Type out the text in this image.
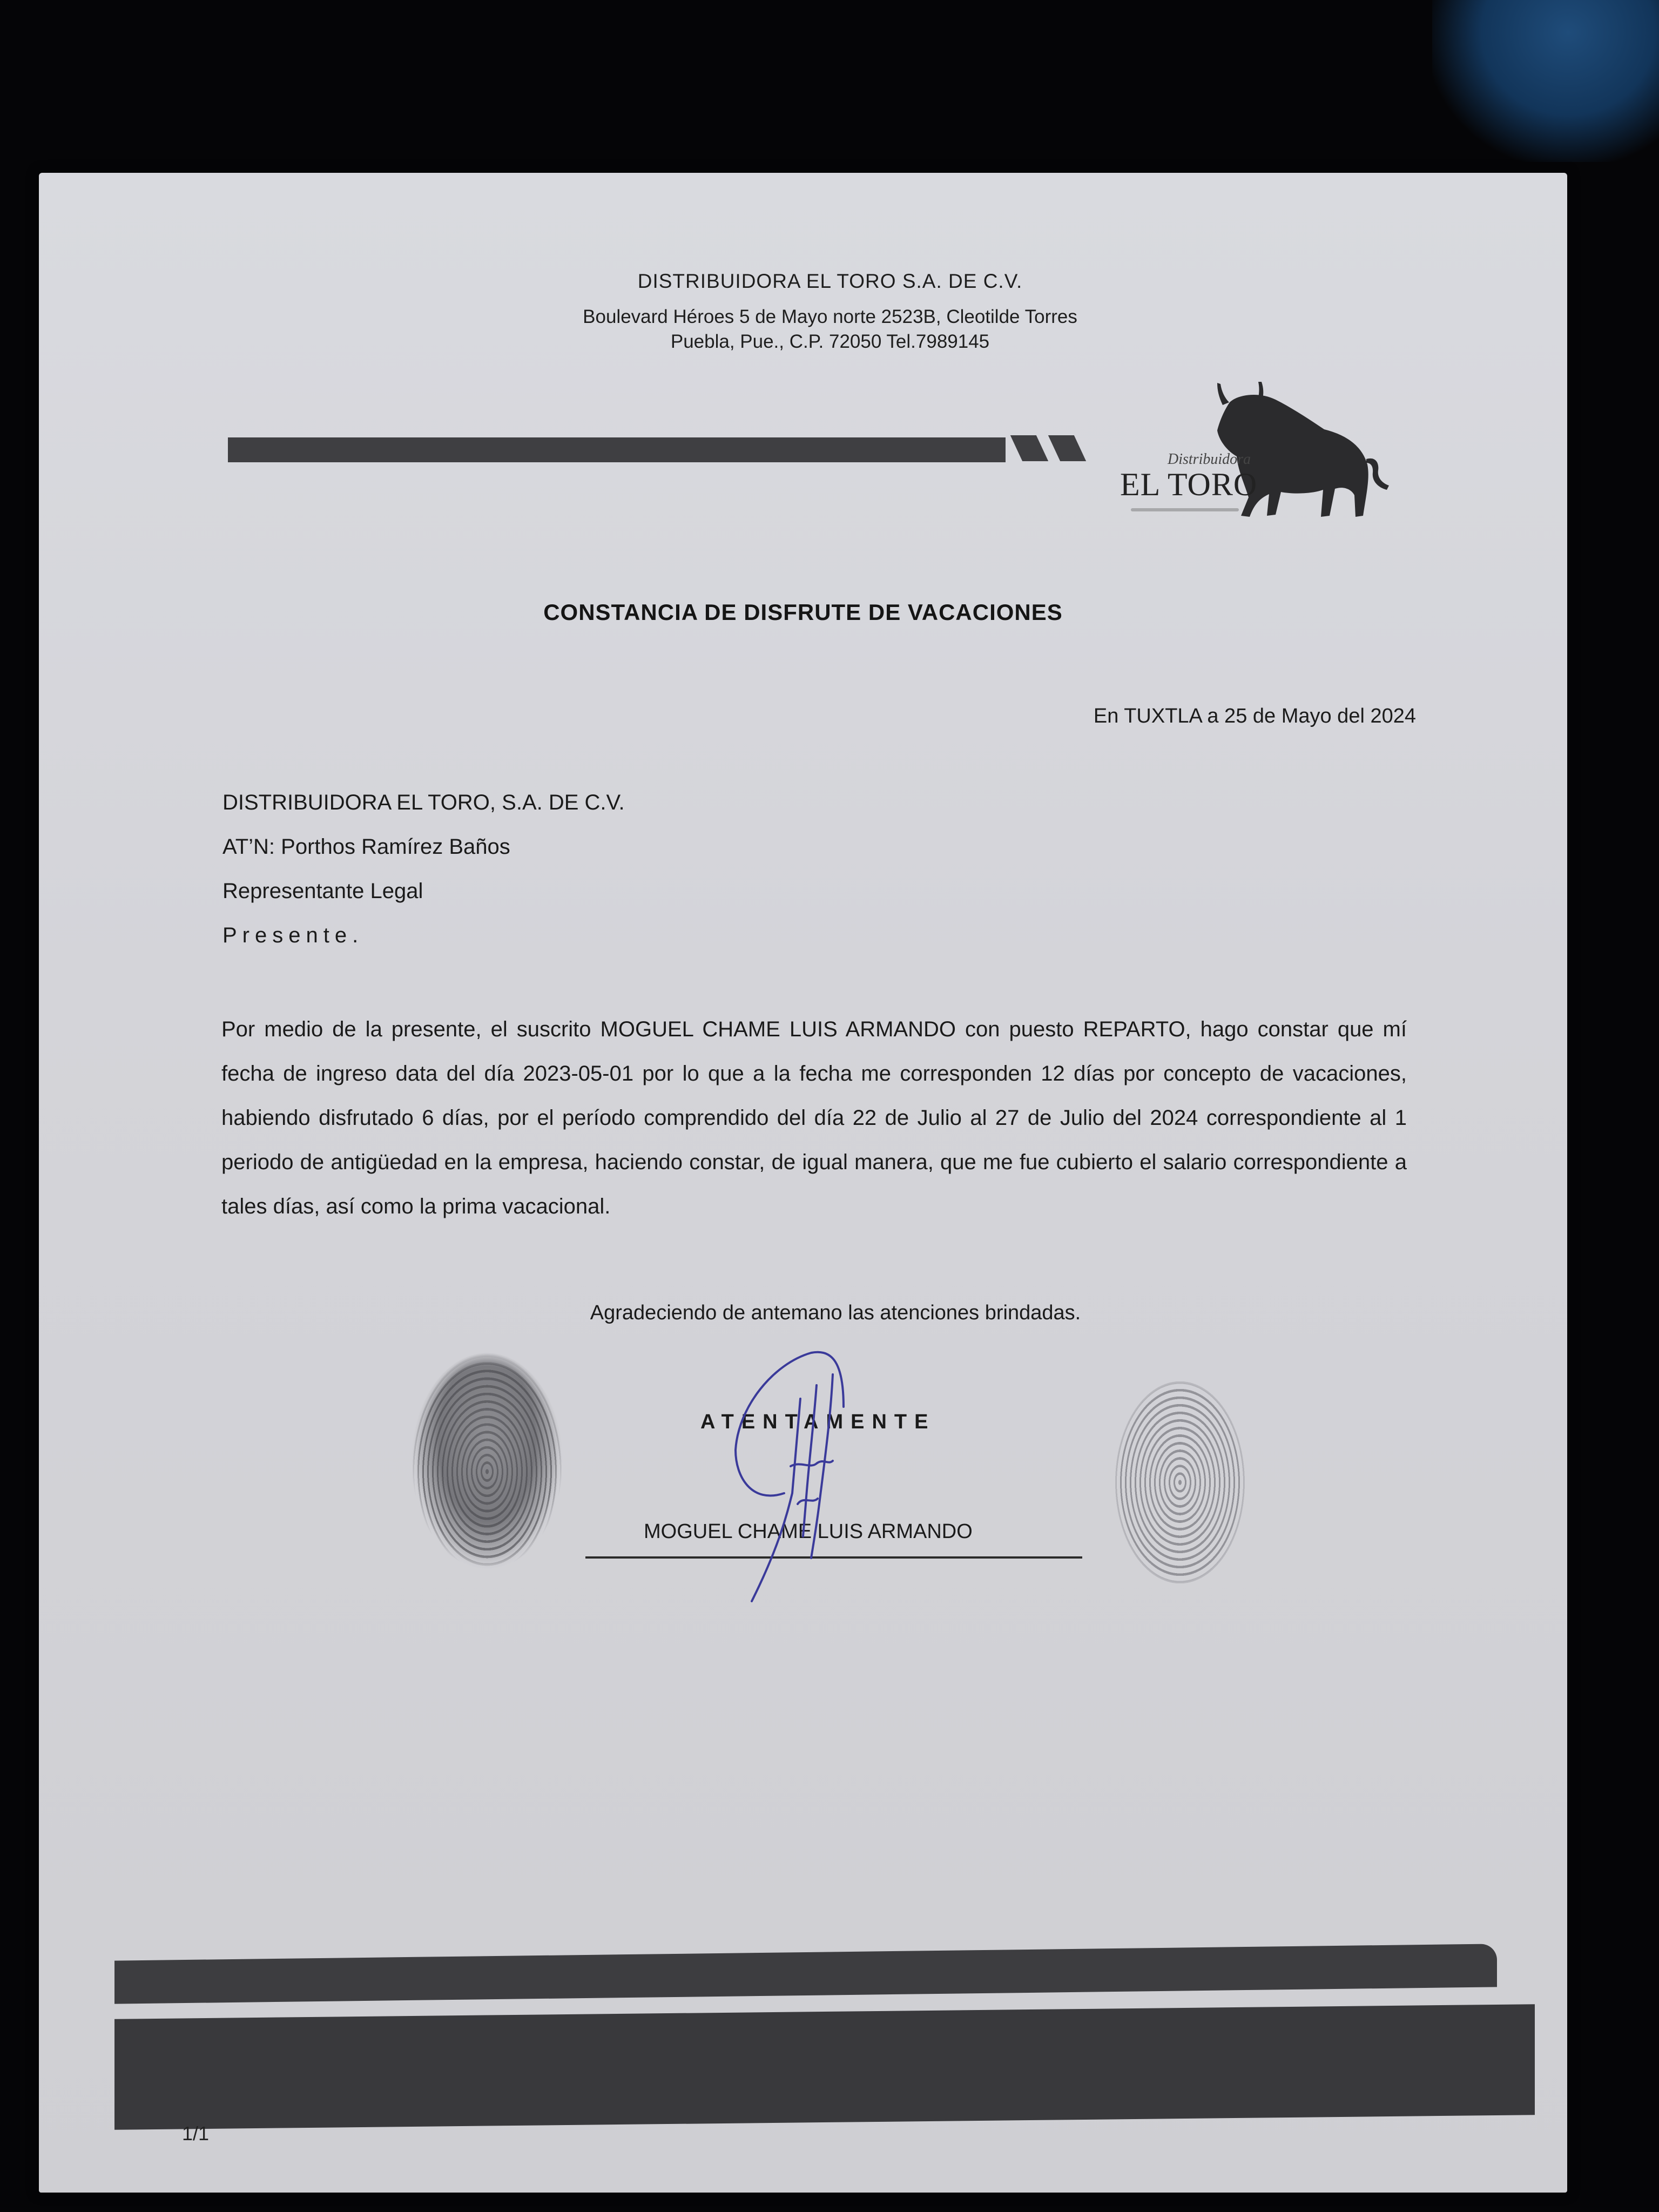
DISTRIBUIDORA EL TORO S.A. DE C.V.
Boulevard Héroes 5 de Mayo norte 2523B, Cleotilde Torres
Puebla, Pue., C.P. 72050 Tel.7989145
Distribuidora
EL TORO
CONSTANCIA DE DISFRUTE DE VACACIONES
En TUXTLA a 25 de Mayo del 2024
DISTRIBUIDORA EL TORO, S.A. DE C.V.
AT’N: Porthos Ramírez Baños
Representante Legal
Presente.
Por medio de la presente, el suscrito MOGUEL CHAME LUIS ARMANDO con puesto REPARTO, hago constar que mí fecha de ingreso data del día 2023-05-01 por lo que a la fecha me corresponden 12 días por concepto de vacaciones, habiendo disfrutado 6 días, por el período comprendido del día 22 de Julio al 27 de Julio del 2024 correspondiente al 1 periodo de antigüedad en la empresa, haciendo constar, de igual manera, que me fue cubierto el salario correspondiente a tales días, así como la prima vacacional.
Agradeciendo de antemano las atenciones brindadas.
ATENTAMENTE
MOGUEL CHAME LUIS ARMANDO
1/1
